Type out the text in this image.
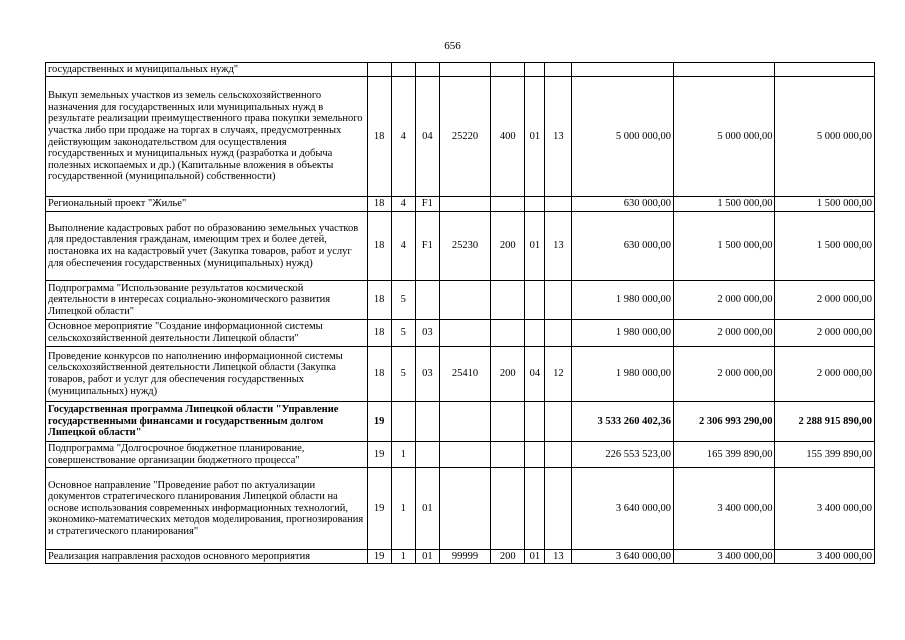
656
государственных и муниципальных нужд"										
Выкуп земельных участков из земель сельскохозяйственного назначения для государственных или муниципальных нужд в результате реализации преимущественного права покупки земельного участка либо при продаже на торгах в случаях, предусмотренных действующим законодательством для осуществления государственных и муниципальных нужд (разработка и добыча полезных ископаемых и др.) (Капитальные вложения в объекты государственной (муниципальной) собственности)	18	4	04	25220	400	01	13	5 000 000,00	5 000 000,00	5 000 000,00
Региональный проект "Жилье"	18	4	F1					630 000,00	1 500 000,00	1 500 000,00
Выполнение кадастровых работ по образованию земельных участков для предоставления гражданам, имеющим трех и более детей, постановка их на кадастровый учет (Закупка товаров, работ и услуг для обеспечения государственных (муниципальных) нужд)	18	4	F1	25230	200	01	13	630 000,00	1 500 000,00	1 500 000,00
Подпрограмма "Использование результатов космической деятельности в интересах социально-экономического развития Липецкой области"	18	5						1 980 000,00	2 000 000,00	2 000 000,00
Основное мероприятие "Создание информационной системы сельскохозяйственной деятельности Липецкой области"	18	5	03					1 980 000,00	2 000 000,00	2 000 000,00
Проведение конкурсов по наполнению информационной системы сельскохозяйственной деятельности Липецкой области (Закупка товаров, работ и услуг для обеспечения государственных (муниципальных) нужд)	18	5	03	25410	200	04	12	1 980 000,00	2 000 000,00	2 000 000,00
Государственная программа Липецкой области "Управление государственными финансами и государственным долгом Липецкой области"	19							3 533 260 402,36	2 306 993 290,00	2 288 915 890,00
Подпрограмма "Долгосрочное бюджетное планирование, совершенствование организации бюджетного процесса"	19	1						226 553 523,00	165 399 890,00	155 399 890,00
Основное направление "Проведение работ по актуализации документов стратегического планирования Липецкой области на основе использования современных информационных технологий, экономико-математических методов моделирования, прогнозирования и стратегического планирования"	19	1	01					3 640 000,00	3 400 000,00	3 400 000,00
Реализация направления расходов основного мероприятия	19	1	01	99999	200	01	13	3 640 000,00	3 400 000,00	3 400 000,00
